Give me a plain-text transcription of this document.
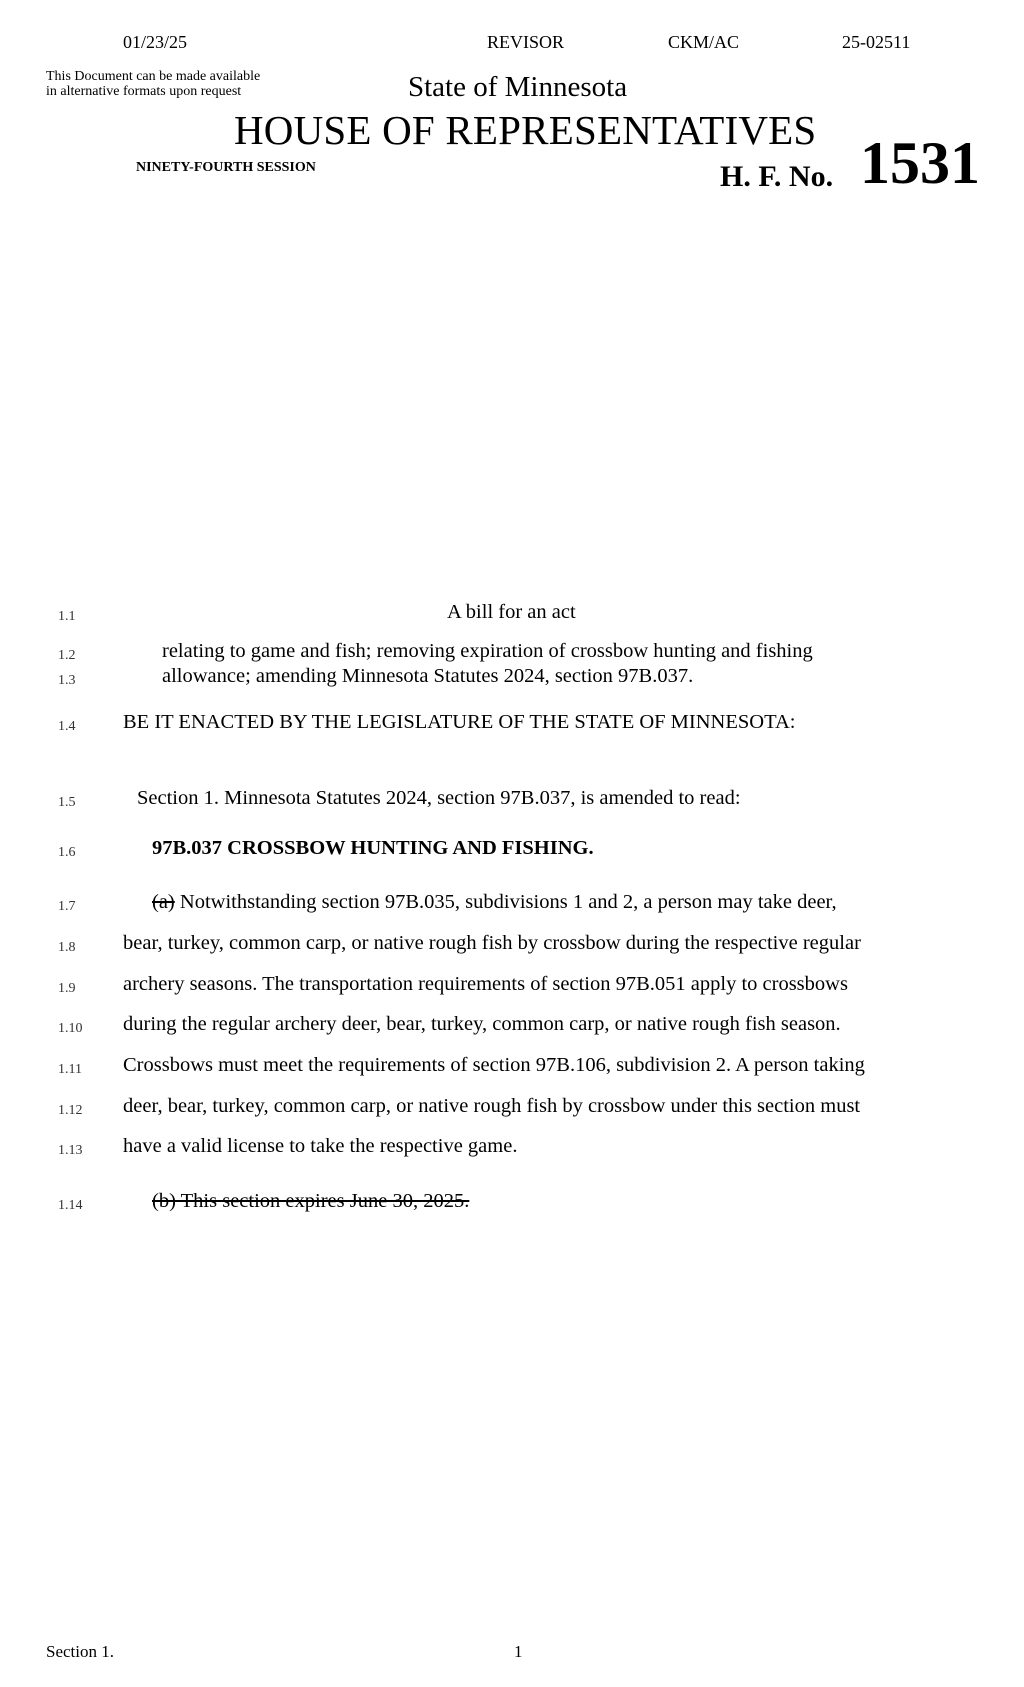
01/23/25	REVISOR	CKM/AC	25-02511
This Document can be made available
in alternative formats upon request	State of Minnesota
HOUSE OF REPRESENTATIVES
NINETY-FOURTH SESSION	H. F. No. 1531
1.1
1.2
1.3
1.4
1.5
1.6
1.7
1.8
1.9
1.10
1.11
1.12
1.13
1.14
A bill for an act
relating to game and fish; removing expiration of crossbow hunting and fishing
allowance; amending Minnesota Statutes 2024, section 97B.037.
BE IT ENACTED BY THE LEGISLATURE OF THE STATE OF MINNESOTA:
Section 1. Minnesota Statutes 2024, section 97B.037, is amended to read:
97B.037 CROSSBOW HUNTING AND FISHING.
(a) Notwithstanding section 97B.035, subdivisions 1 and 2, a person may take deer,
bear, turkey, common carp, or native rough fish by crossbow during the respective regular
archery seasons. The transportation requirements of section 97B.051 apply to crossbows
during the regular archery deer, bear, turkey, common carp, or native rough fish season.
Crossbows must meet the requirements of section 97B.106, subdivision 2. A person taking
deer, bear, turkey, common carp, or native rough fish by crossbow under this section must
have a valid license to take the respective game.
(b) This section expires June 30, 2025.
Section 1.	1
